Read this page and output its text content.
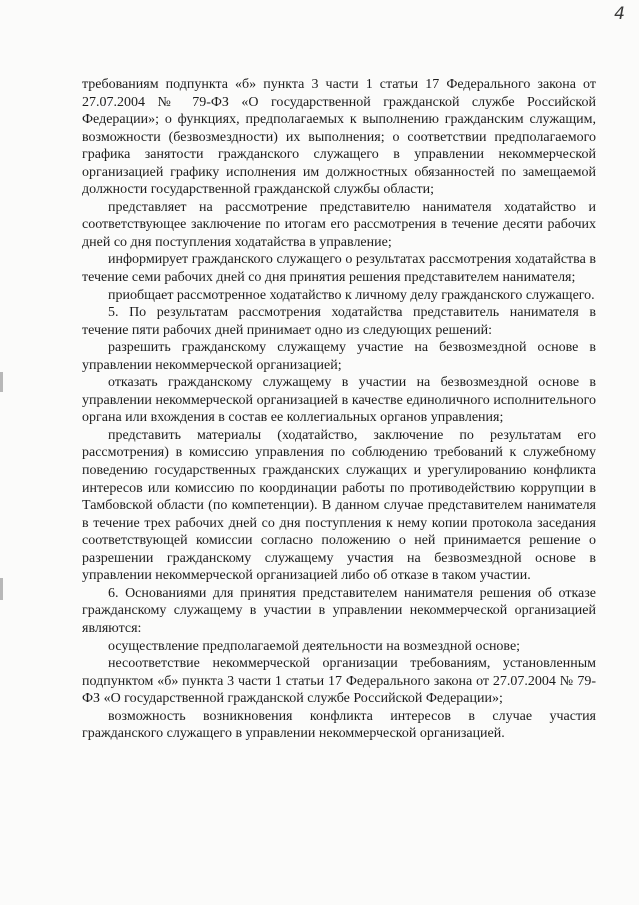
4

требованиям подпункта «б» пункта 3 части 1 статьи 17 Федерального закона от 27.07.2004 № 79-ФЗ «О государственной гражданской службе Российской Федерации»; о функциях, предполагаемых к выполнению гражданским служащим, возможности (безвозмездности) их выполнения; о соответствии предполагаемого графика занятости гражданского служащего в управлении некоммерческой организацией графику исполнения им должностных обязанностей по замещаемой должности государственной гражданской службы области;

представляет на рассмотрение представителю нанимателя ходатайство и соответствующее заключение по итогам его рассмотрения в течение десяти рабочих дней со дня поступления ходатайства в управление;

информирует гражданского служащего о результатах рассмотрения ходатайства в течение семи рабочих дней со дня принятия решения представителем нанимателя;

приобщает рассмотренное ходатайство к личному делу гражданского служащего.

5. По результатам рассмотрения ходатайства представитель нанимателя в течение пяти рабочих дней принимает одно из следующих решений:

разрешить гражданскому служащему участие на безвозмездной основе в управлении некоммерческой организацией;

отказать гражданскому служащему в участии на безвозмездной основе в управлении некоммерческой организацией в качестве единоличного исполнительного органа или вхождения в состав ее коллегиальных органов управления;

представить материалы (ходатайство, заключение по результатам его рассмотрения) в комиссию управления по соблюдению требований к служебному поведению государственных гражданских служащих и урегулированию конфликта интересов или комиссию по координации работы по противодействию коррупции в Тамбовской области (по компетенции). В данном случае представителем нанимателя в течение трех рабочих дней со дня поступления к нему копии протокола заседания соответствующей комиссии согласно положению о ней принимается решение о разрешении гражданскому служащему участия на безвозмездной основе в управлении некоммерческой организацией либо об отказе в таком участии.

6. Основаниями для принятия представителем нанимателя решения об отказе гражданскому служащему в участии в управлении некоммерческой организацией являются:

осуществление предполагаемой деятельности на возмездной основе;

несоответствие некоммерческой организации требованиям, установленным подпунктом «б» пункта 3 части 1 статьи 17 Федерального закона от 27.07.2004 № 79-ФЗ «О государственной гражданской службе Российской Федерации»;

возможность возникновения конфликта интересов в случае участия гражданского служащего в управлении некоммерческой организацией.
